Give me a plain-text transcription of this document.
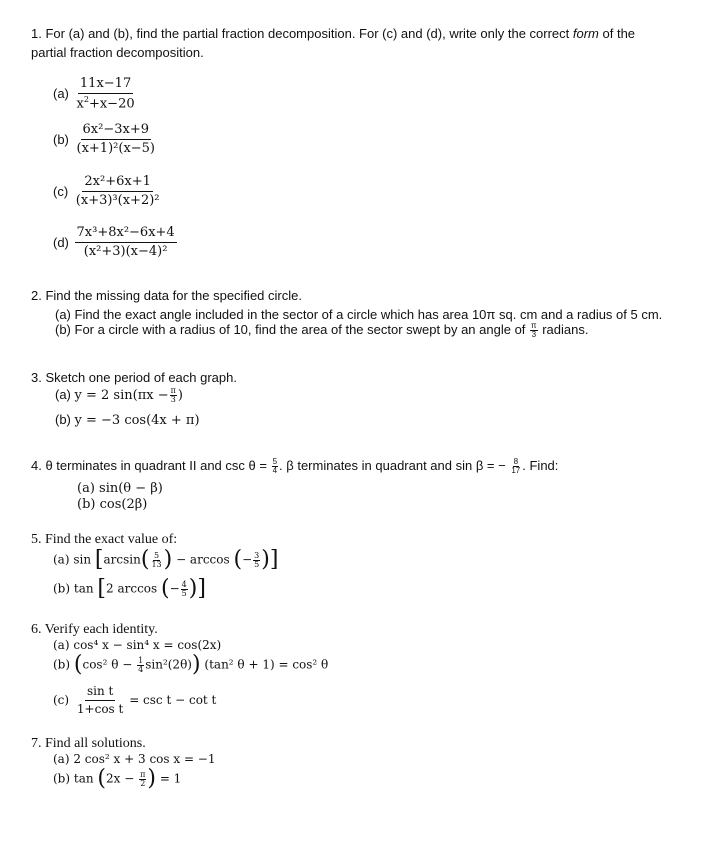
1. For (a) and (b), find the partial fraction decomposition. For (c) and (d), write only the correct form of the
partial fraction decomposition.
$(a) \frac{11x-17}{x^2+x-20}$
$(b) \frac{\text{6x²−3x+9}}{\text{(x+1)²(x−5)}}$
$(c) \frac{\text{2x²+6x+1}}{\text{(x+3)³(x+2)²}}$
$(d) \frac{\text{7x³+8x²−6x+4}}{\text{(x²+3)(x−4)²}}$
2. Find the missing data for the specified circle.
(a) Find the exact angle included in the sector of a circle which has area 10π sq. cm and a radius of 5 cm.
(b) For a circle with a radius of 10, find the area of the sector swept by an angle of $\frac{\pi}{3}$ radians.
3. Sketch one period of each graph.
(a) y = 2 $\sin(\pi x - \frac{\pi}{3}$ )
(b) y = −3 cos(4x + π)
4. θ terminates in quadrant II and $\csc \theta = \frac{5}{4}$ . β terminates in quadrant and sin β = − $\frac{8}{17}$ . Find:
(a) sin(θ − β)
(b) cos(2β)
5. Find the exact value of:
(a) $\sin [\arcsin( \frac{5}{13}$ ) − arccos (− $\frac{3}{5}$ )]
(b) tan [2 arccos (− $\frac{4}{5}$ )]
6. Verify each identity.
(a) cos⁴ x − sin⁴ x = cos(2x)
(b) (cos² $\theta - \frac{1}{4} \sin^2(2\theta)$) (tan² θ + 1) = cos² θ
$(c) \frac{\text{sin t}}{\text{1+cos t}} = \csc t - \cot t$
7. Find all solutions.
(a) 2 cos² x + 3 cos x = −1
(b) $\tan (2x - \frac{\pi}{2}$ ) = 1
